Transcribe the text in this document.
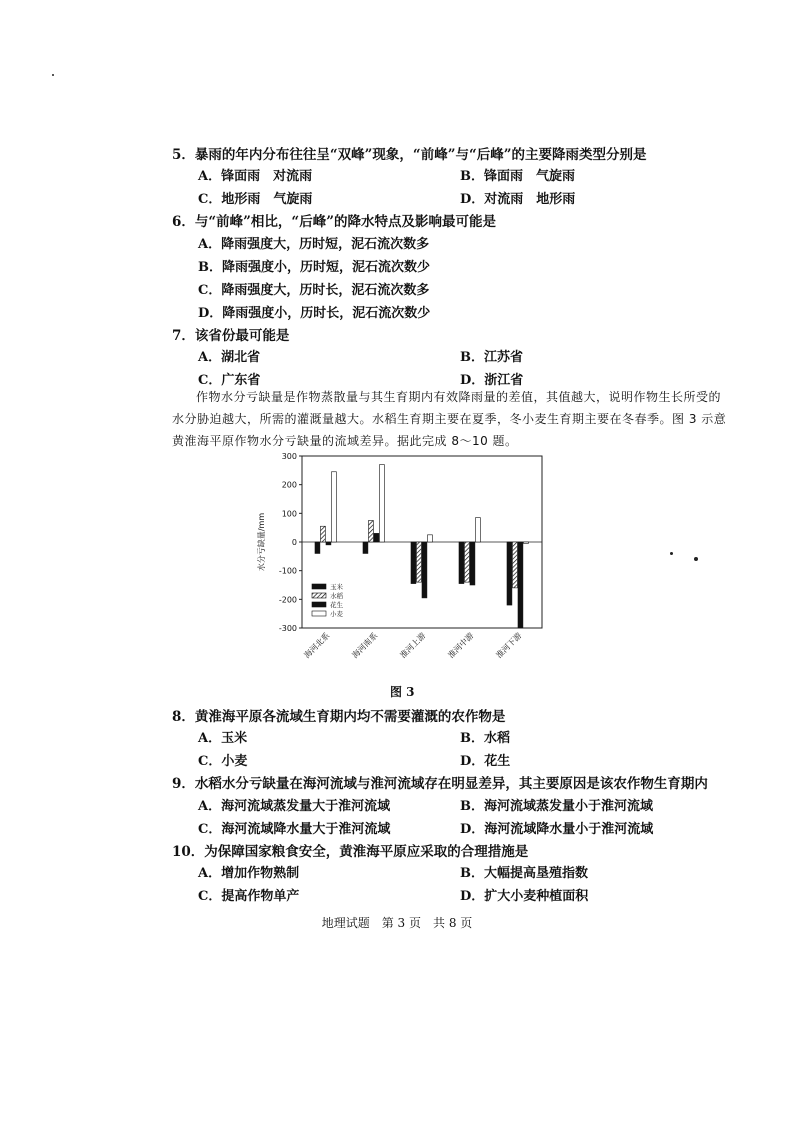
5．暴雨的年内分布往往呈“双峰”现象，“前峰”与“后峰”的主要降雨类型分别是
A．锋面雨　对流雨	B．锋面雨　气旋雨
C．地形雨　气旋雨	D．对流雨　地形雨
6．与“前峰”相比，“后峰”的降水特点及影响最可能是
A．降雨强度大，历时短，泥石流次数多
B．降雨强度小，历时短，泥石流次数少
C．降雨强度大，历时长，泥石流次数多
D．降雨强度小，历时长，泥石流次数少
7．该省份最可能是
A．湖北省	B．江苏省
C．广东省	D．浙江省

作物水分亏缺量是作物蒸散量与其生育期内有效降雨量的差值，其值越大，说明作物生长所受的水分胁迫越大，所需的灌溉量越大。水稻生育期主要在夏季，冬小麦生育期主要在冬春季。图 3 示意黄淮海平原作物水分亏缺量的流域差异。据此完成 8～10 题。

300
200
100
0
-100
-200
-300
水分亏缺量/mm
海河北系 海河南系 淮河上游 淮河中游 淮河下游
玉米
水稻
花生
小麦
图 3
8．黄淮海平原各流域生育期内均不需要灌溉的农作物是
A．玉米	B．水稻
C．小麦	D．花生
9．水稻水分亏缺量在海河流域与淮河流域存在明显差异，其主要原因是该农作物生育期内
A．海河流域蒸发量大于淮河流域	B．海河流域蒸发量小于淮河流域
C．海河流域降水量大于淮河流域	D．海河流域降水量小于淮河流域
10．为保障国家粮食安全，黄淮海平原应采取的合理措施是
A．增加作物熟制	B．大幅提高垦殖指数
C．提高作物单产	D．扩大小麦种植面积
地理试题　第 3 页　共 8 页
